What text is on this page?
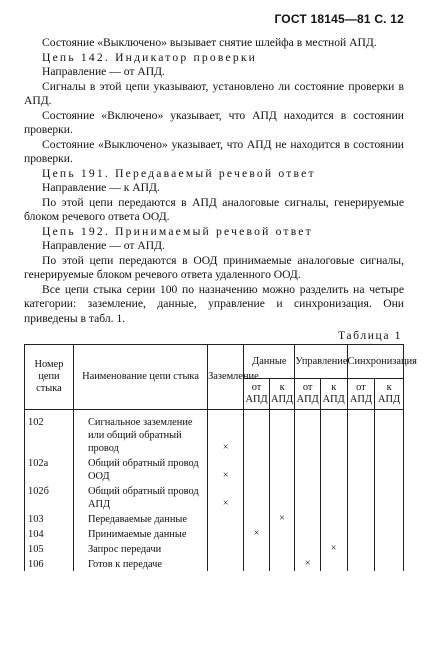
ГОСТ 18145—81 С. 12

Состояние «Выключено» вызывает снятие шлейфа в местной АПД.

Цепь 142. Индикатор проверки

Направление — от АПД.

Сигналы в этой цепи указывают, установлено ли состояние проверки в АПД.

Состояние «Включено» указывает, что АПД находится в состоянии проверки.

Состояние «Выключено» указывает, что АПД не находится в состоянии проверки.

Цепь 191. Передаваемый речевой ответ

Направление — к АПД.

По этой цепи передаются в АПД аналоговые сигналы, генерируемые блоком речевого ответа ООД.

Цепь 192. Принимаемый речевой ответ

Направление — от АПД.

По этой цепи передаются в ООД принимаемые аналоговые сигналы, генерируемые блоком речевого ответа удаленного ООД.

Все цепи стыка серии 100 по назначению можно разделить на четыре категории: заземление, данные, управление и синхронизация. Они приведены в табл. 1.

Таблица 1
Номер цепи стыка	Наименование цепи стыка	Заземление	Данные		Управление		Синхронизация	
			от АПД	к АПД	от АПД	к АПД	от АПД	к АПД
102	Сигнальное заземление или общий обратный провод	×						
102а	Общий обратный провод ООД	×						
102б	Общий обратный провод АПД	×						
103	Передаваемые данные			×				
104	Принимаемые данные		×					
105	Запрос передачи					×		
106	Готов к передаче				×			
